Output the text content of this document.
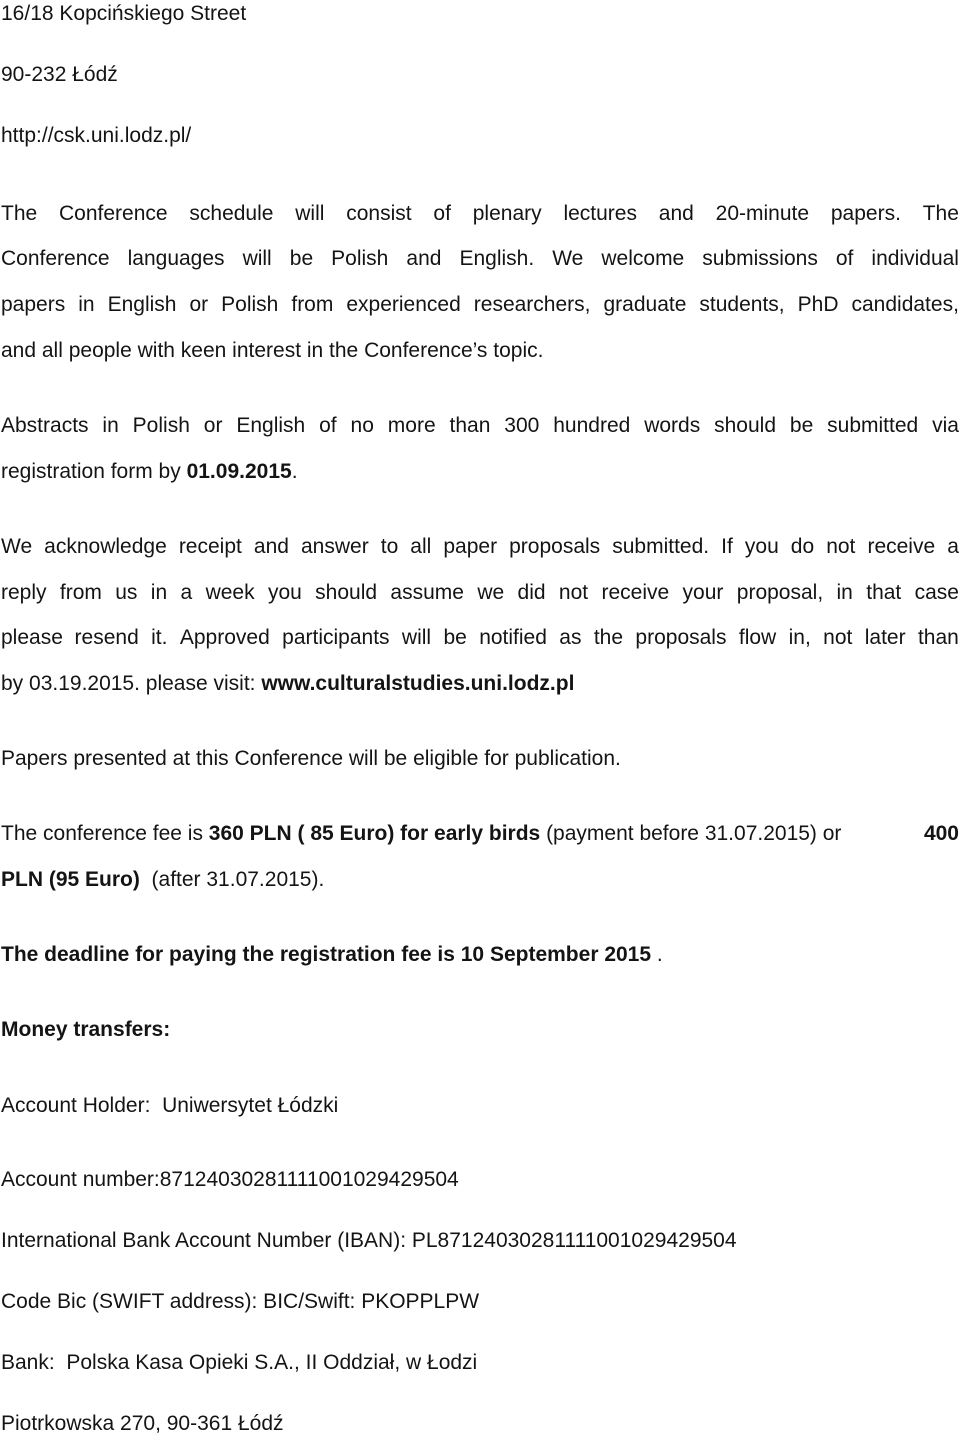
16/18 Kopcińskiego Street
90-232 Łódź
http://csk.uni.lodz.pl/
The Conference schedule will consist of plenary lectures and 20-minute papers. The
Conference languages will be Polish and English. We welcome submissions of individual
papers in English or Polish from experienced researchers, graduate students, PhD candidates,
and all people with keen interest in the Conference’s topic.
Abstracts in Polish or English of no more than 300 hundred words should be submitted via
registration form by 01.09.2015.
We acknowledge receipt and answer to all paper proposals submitted. If you do not receive a
reply from us in a week you should assume we did not receive your proposal, in that case
please  resend it. Approved participants will be notified as the proposals flow in, not later than
by 03.19.2015. please visit: www.culturalstudies.uni.lodz.pl
Papers presented at this Conference will be eligible for publication.
The conference fee is 360 PLN ( 85 Euro) for early birds (payment before 31.07.2015) or	400
PLN (95 Euro)  (after 31.07.2015).
The deadline for paying the registration fee is 10 September 2015 .
Money transfers:
Account Holder:  Uniwersytet Łódzki
Account number:87124030281111001029429504
International Bank Account Number (IBAN): PL87124030281111001029429504
Code Bic (SWIFT address): BIC/Swift: PKOPPLPW
Bank:  Polska Kasa Opieki S.A., II Oddział, w Łodzi
Piotrkowska 270, 90-361 Łódź
